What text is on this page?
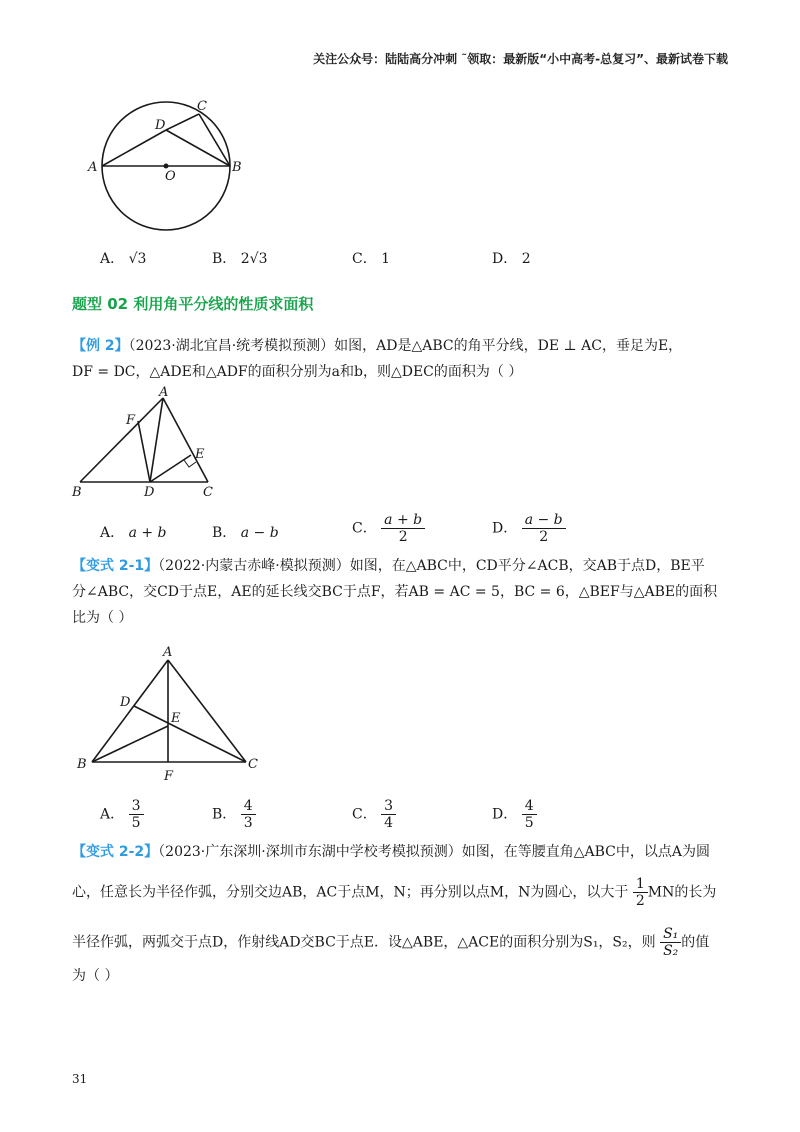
关注公众号：陆陆高分冲刺 ˜领取：最新版“小中高考-总复习”、最新试卷下载
A	B
C
D
O
A． √3	B． 2√3	C． 1	D． 2
题型 02 利用角平分线的性质求面积
【例 2】（2023·湖北宜昌·统考模拟预测）如图，AD是△ABC的角平分线，DE ⊥ AC，垂足为E，
DF = DC，△ADE和△ADF的面积分别为a和b，则△DEC的面积为（ ）
A
B	C
D
E
F
A． a + b	B． a − b	C． $\frac{a + b}{2}$	D． $\frac{a - b}{2}$
【变式 2-1】（2022·内蒙古赤峰·模拟预测）如图，在△ABC中，CD平分∠ACB，交AB于点D，BE平
分∠ABC，交CD于点E，AE的延长线交BC于点F，若AB = AC = 5，BC = 6，△BEF与△ABE的面积
比为（ ）
A
B	C
D
E
F
A． $\frac{3}{5}$	B． $\frac{4}{3}$	C． $\frac{3}{4}$	D． $\frac{4}{5}$
【变式 2-2】（2023·广东深圳·深圳市东湖中学校考模拟预测）如图，在等腰直角△ABC中，以点A为圆
心，任意长为半径作弧，分别交边AB，AC于点M，N；再分别以点M，N为圆心，以大于 $\frac{1}{2}$ MN的长为
半径作弧，两弧交于点D，作射线AD交BC于点E．设△ABE，△ACE的面积分别为S₁，S₂，则 $\frac{\text{S₁}}{\text{S₂}}$ 的值
为（ ）
31
